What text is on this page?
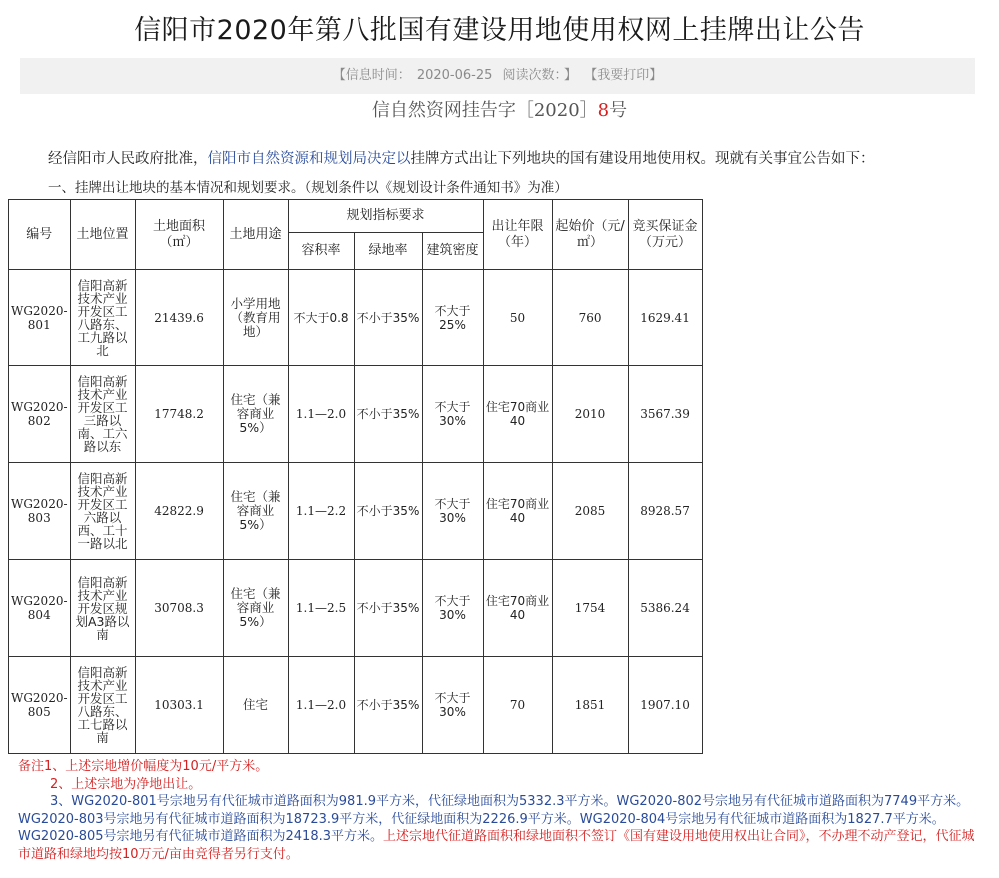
信阳市2020年第八批国有建设用地使用权网上挂牌出让公告
【信息时间： 2020-06-25 阅读次数： 】 【我要打印】
信自然资网挂告字［2020］8号
经信阳市人民政府批准，信阳市自然资源和规划局决定以挂牌方式出让下列地块的国有建设用地使用权。现就有关事宜公告如下：
一、挂牌出让地块的基本情况和规划要求。（规划条件以《规划设计条件通知书》为准）
编号	土地位置	土地面积（㎡）	土地用途	规划指标要求			出让年限（年）	起始价（元/㎡）	竞买保证金（万元）
				容积率	绿地率	建筑密度			
WG2020-801	信阳高新技术产业开发区工八路东、工九路以北	21439.6	小学用地（教育用地）	不大于0.8	不小于35%	不大于25%	50	760	1629.41
WG2020-802	信阳高新技术产业开发区工三路以南、工六路以东	17748.2	住宅（兼容商业5%）	1.1—2.0	不小于35%	不大于30%	住宅70商业40	2010	3567.39
WG2020-803	信阳高新技术产业开发区工六路以西、工十一路以北	42822.9	住宅（兼容商业5%）	1.1—2.2	不小于35%	不大于30%	住宅70商业40	2085	8928.57
WG2020-804	信阳高新技术产业开发区规划A3路以南	30708.3	住宅（兼容商业5%）	1.1—2.5	不小于35%	不大于30%	住宅70商业40	1754	5386.24
WG2020-805	信阳高新技术产业开发区工八路东、工七路以南	10303.1	住宅	1.1—2.0	不小于35%	不大于30%	70	1851	1907.10

备注1、上述宗地增价幅度为10元/平方米。

2、上述宗地为净地出让。

3、WG2020-801号宗地另有代征城市道路面积为981.9平方米，代征绿地面积为5332.3平方米。WG2020-802号宗地另有代征城市道路面积为7749平方米。WG2020-803号宗地另有代征城市道路面积为18723.9平方米，代征绿地面积为2226.9平方米。WG2020-804号宗地另有代征城市道路面积为1827.7平方米。WG2020-805号宗地另有代征城市道路面积为2418.3平方米。上述宗地代征道路面积和绿地面积不签订《国有建设用地使用权出让合同》，不办理不动产登记，代征城市道路和绿地均按10万元/亩由竞得者另行支付。
